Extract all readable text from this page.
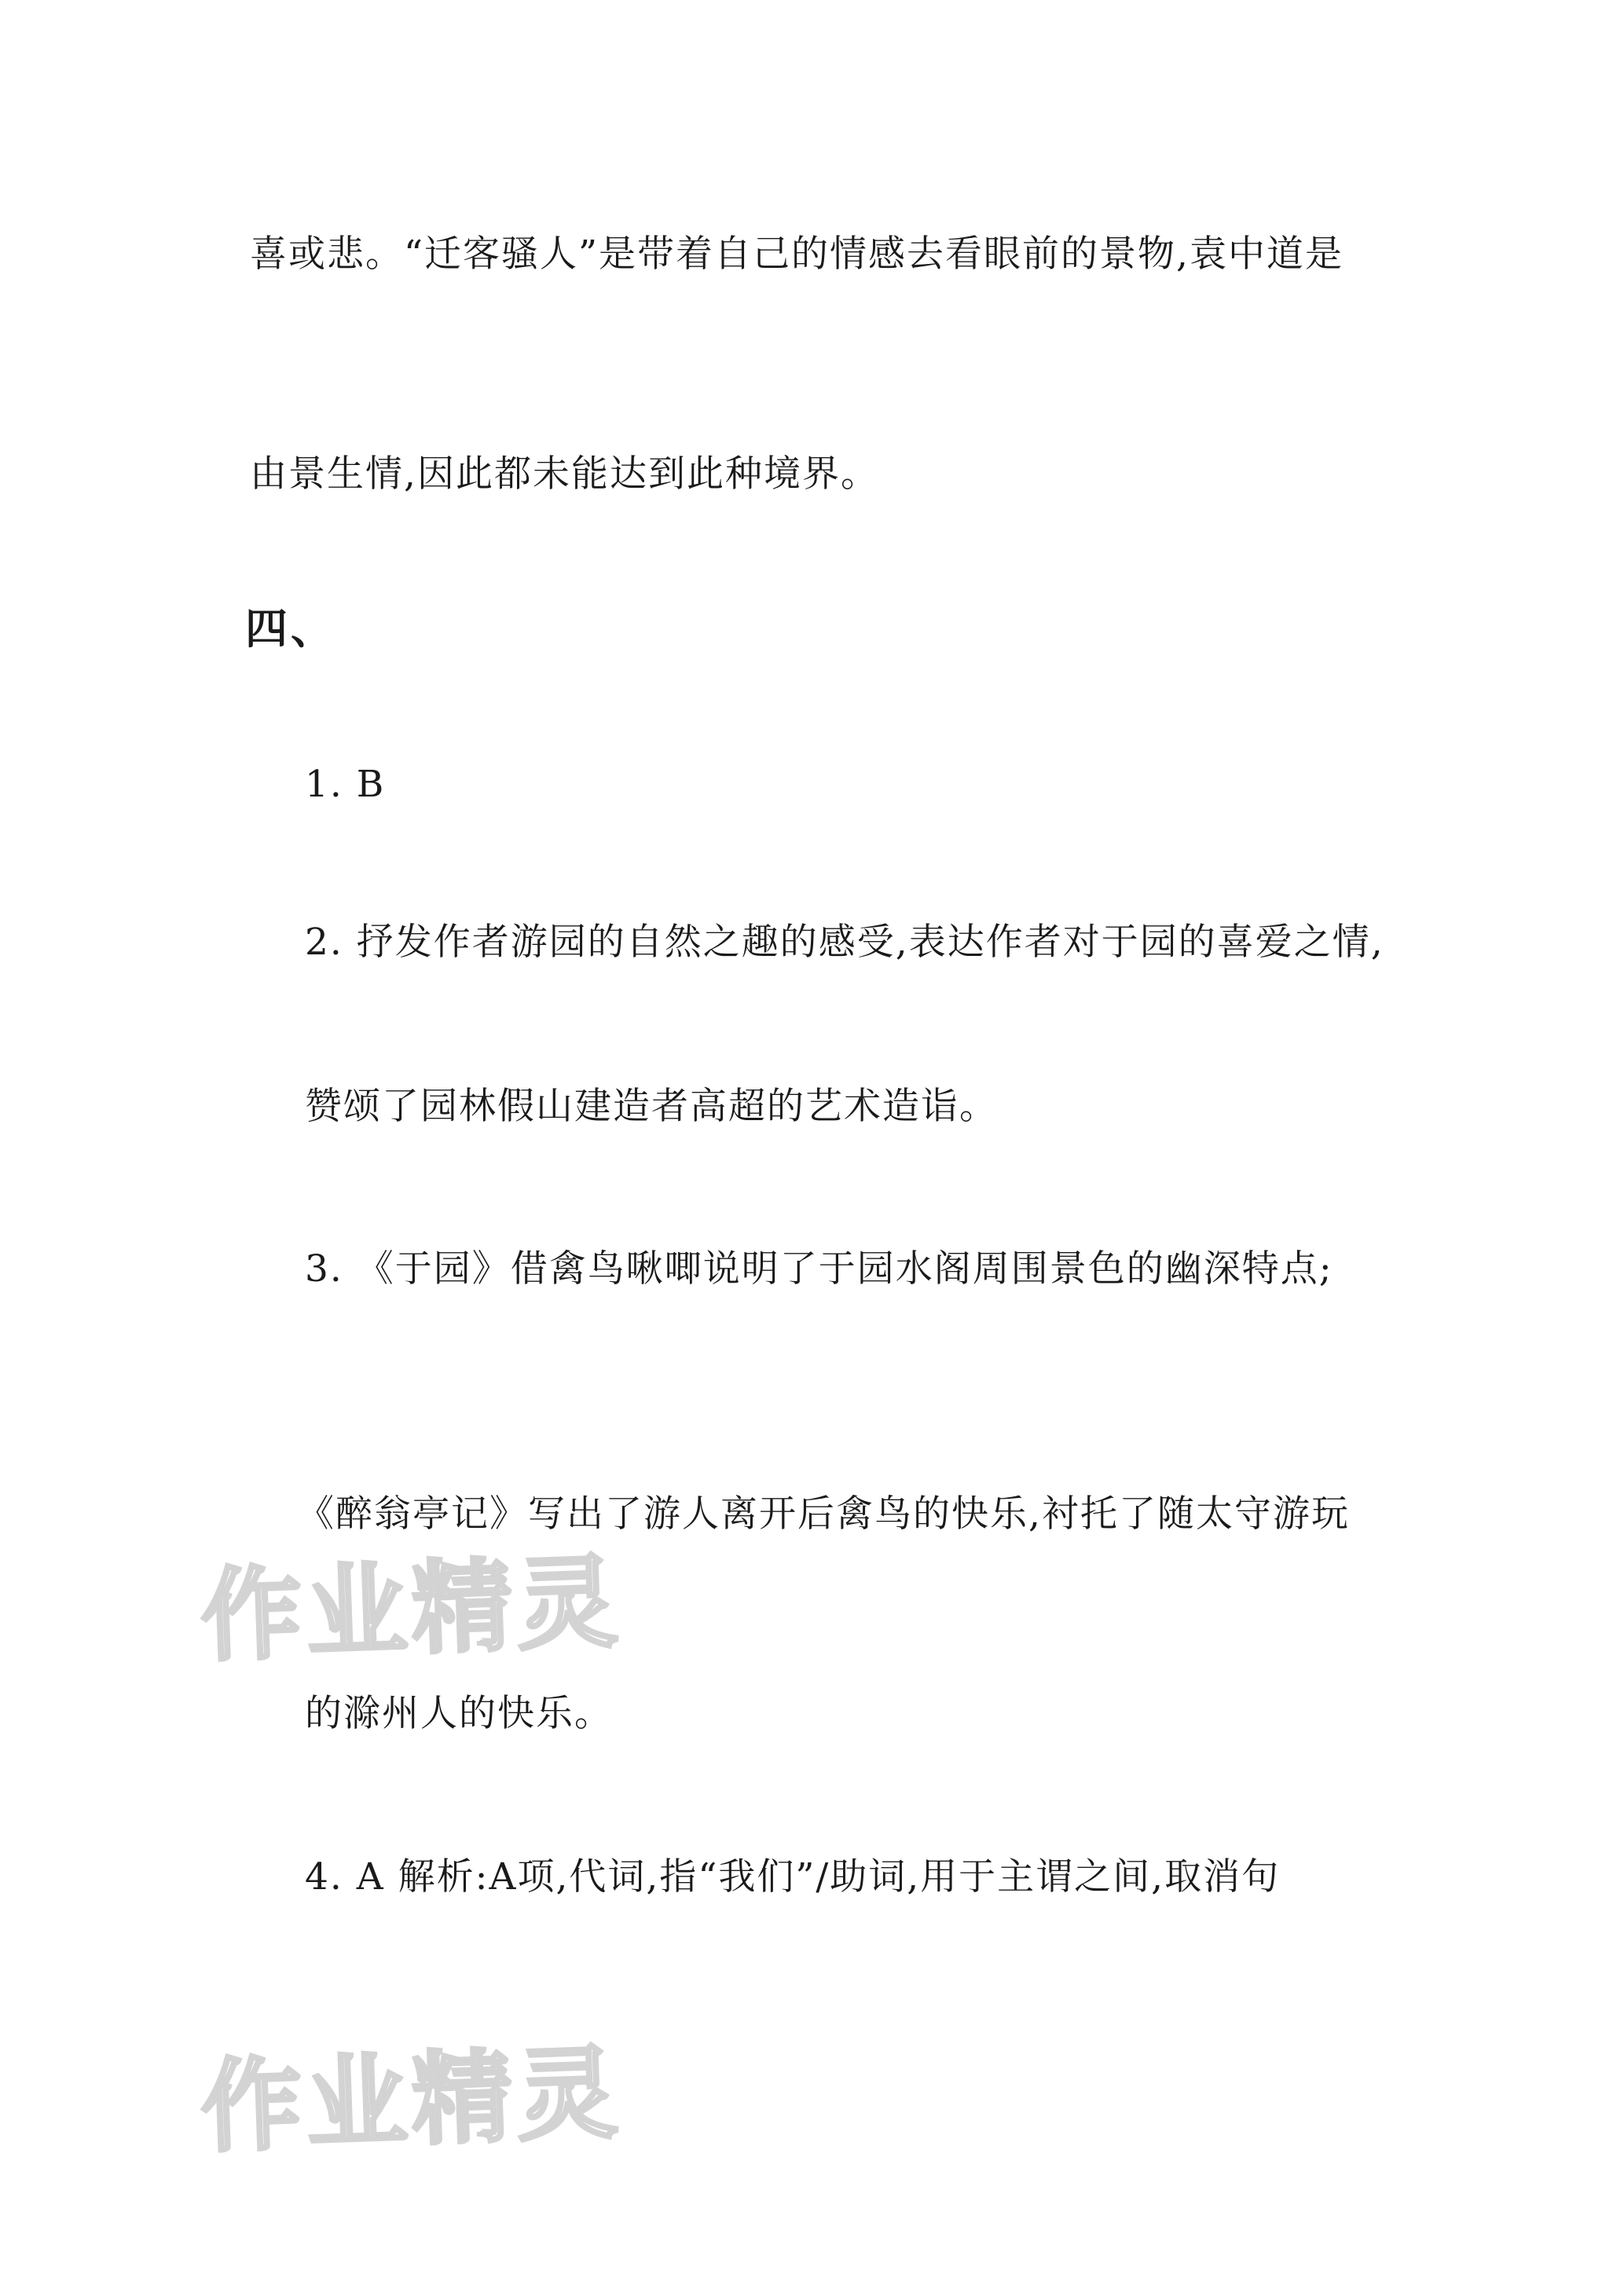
喜或悲。“迁客骚人”是带着自己的情感去看眼前的景物,袁中道是
由景生情,因此都未能达到此种境界。
四、
1. B
2. 抒发作者游园的自然之趣的感受,表达作者对于园的喜爱之情,
赞颂了园林假山建造者高超的艺术造诣。
3. 《于园》借禽鸟啾唧说明了于园水阁周围景色的幽深特点;
《醉翁亭记》写出了游人离开后禽鸟的快乐,衬托了随太守游玩
的滁州人的快乐。
4. A 解析:A项,代词,指“我们”/助词,用于主谓之间,取消句
作业精灵
作业精灵
